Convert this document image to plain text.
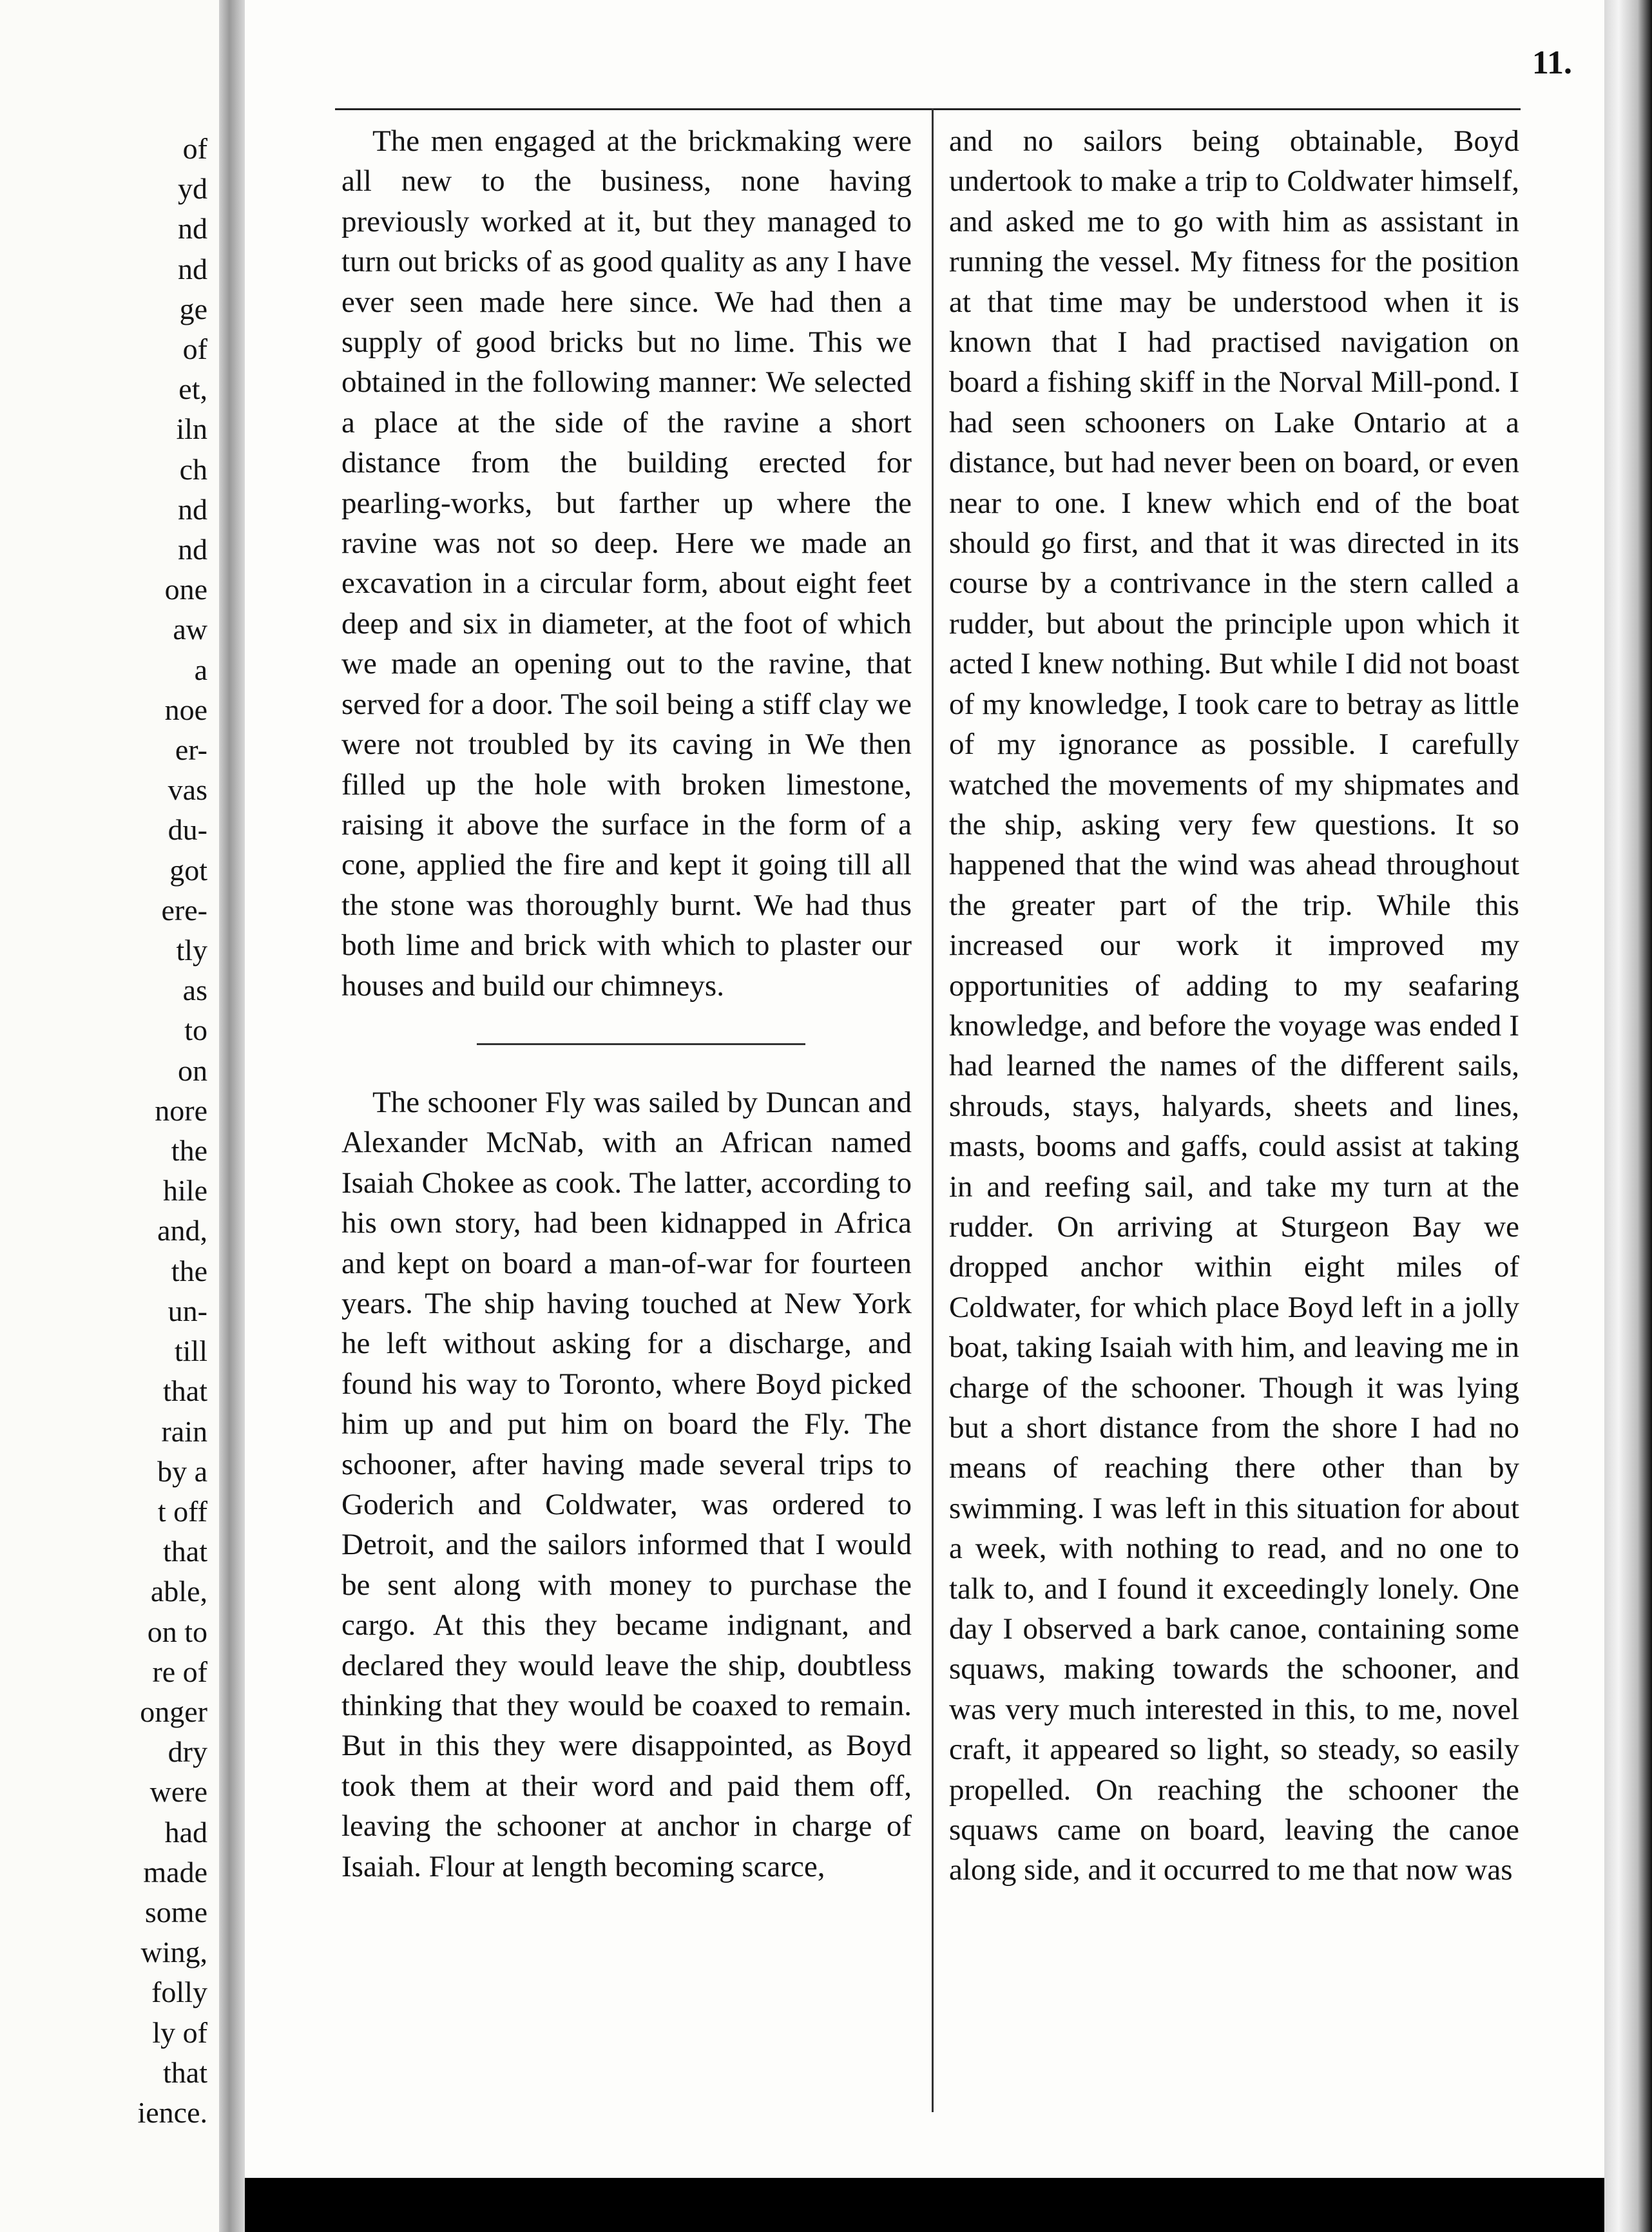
of
yd
nd
nd
ge
of
et,
iln
ch
nd
nd
one
aw
a
noe
er-
vas
du-
got
ere-
tly
as
to
on
nore
the
hile
and,
the
un-
till
that
rain
by a
t off
that
able,
on to
re of
onger
dry
were
had
made
some
wing,
folly
ly of
that
ience.
11.

The men engaged at the brickmaking were all new to the business, none having previously worked at it, but they managed to turn out bricks of as good quality as any I have ever seen made here since. We had then a supply of good bricks but no lime. This we obtained in the following manner: We selected a place at the side of the ravine a short distance from the building erected for pearling-works, but farther up where the ravine was not so deep. Here we made an excavation in a circular form, about eight feet deep and six in diameter, at the foot of which we made an opening out to the ravine, that served for a door. The soil being a stiff clay we were not troubled by its caving in We then filled up the hole with broken limestone, raising it above the surface in the form of a cone, applied the fire and kept it going till all the stone was thoroughly burnt. We had thus both lime and brick with which to plaster our houses and build our chimneys.

The schooner Fly was sailed by Duncan and Alexander McNab, with an African named Isaiah Chokee as cook. The latter, according to his own story, had been kidnapped in Africa and kept on board a man-of-war for fourteen years. The ship having touched at New York he left without asking for a discharge, and found his way to Toronto, where Boyd picked him up and put him on board the Fly. The schooner, after having made several trips to Goderich and Coldwater, was ordered to Detroit, and the sailors informed that I would be sent along with money to purchase the cargo. At this they became indignant, and declared they would leave the ship, doubtless thinking that they would be coaxed to remain. But in this they were disappointed, as Boyd took them at their word and paid them off, leaving the schooner at anchor in charge of Isaiah. Flour at length becoming scarce,

and no sailors being obtainable, Boyd undertook to make a trip to Coldwater himself, and asked me to go with him as assistant in running the vessel. My fitness for the position at that time may be understood when it is known that I had practised navigation on board a fishing skiff in the Norval Mill-pond. I had seen schooners on Lake Ontario at a distance, but had never been on board, or even near to one. I knew which end of the boat should go first, and that it was directed in its course by a contrivance in the stern called a rudder, but about the principle upon which it acted I knew nothing. But while I did not boast of my knowledge, I took care to betray as little of my ignorance as possible. I carefully watched the movements of my shipmates and the ship, asking very few questions. It so happened that the wind was ahead throughout the greater part of the trip. While this increased our work it improved my opportunities of adding to my seafaring knowledge, and before the voyage was ended I had learned the names of the different sails, shrouds, stays, halyards, sheets and lines, masts, booms and gaffs, could assist at taking in and reefing sail, and take my turn at the rudder. On arriving at Sturgeon Bay we dropped anchor within eight miles of Coldwater, for which place Boyd left in a jolly boat, taking Isaiah with him, and leaving me in charge of the schooner. Though it was lying but a short distance from the shore I had no means of reaching there other than by swimming. I was left in this situation for about a week, with nothing to read, and no one to talk to, and I found it exceedingly lonely. One day I observed a bark canoe, containing some squaws, making towards the schooner, and was very much interested in this, to me, novel craft, it appeared so light, so steady, so easily propelled. On reaching the schooner the squaws came on board, leaving the canoe along side, and it occurred to me that now was
